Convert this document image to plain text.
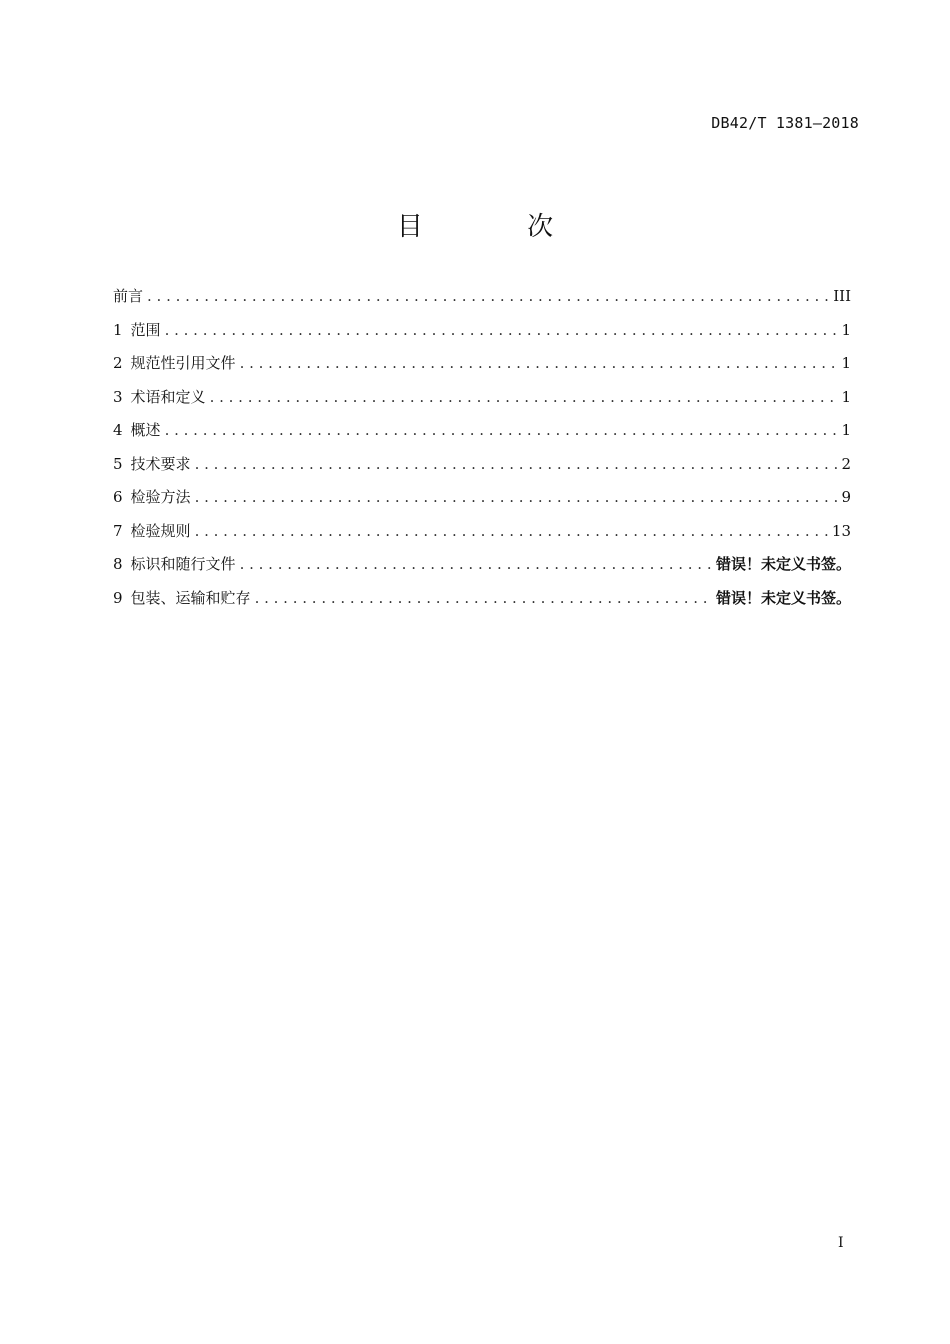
DB42/T 1381—2018
目 次
前言 . . .	III
1 范围 . . .	1
2 规范性引用文件 . . .	1
3 术语和定义 . . .	1
4 概述 . . .	1
5 技术要求 . . .	2
6 检验方法 . . .	9
7 检验规则 . . .	13
8 标识和随行文件 . . .	错误！未定义书签。
9 包装、运输和贮存 . . .	错误！未定义书签。
I
